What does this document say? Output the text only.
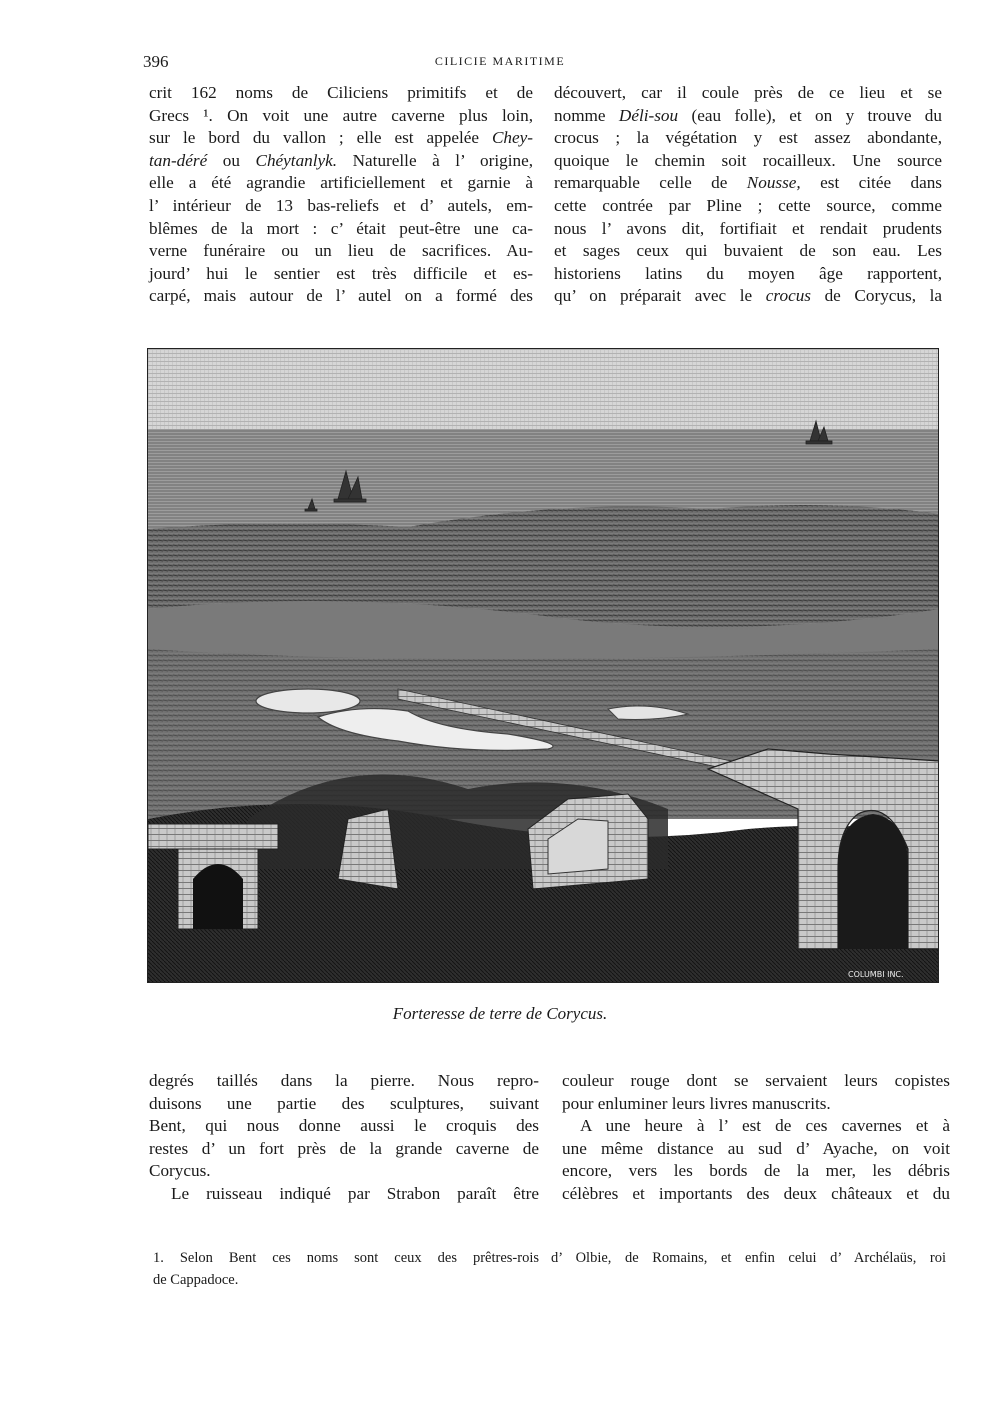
396	CILICIE MARITIME
crit 162 noms de Ciliciens primitifs et de
Grecs ¹. On voit une autre caverne plus loin,
sur le bord du vallon ; elle est appelée Chey-
tan-déré ou Chéytanlyk. Naturelle à l’ origine,
elle a été agrandie artificiellement et garnie à
l’ intérieur de 13 bas-reliefs et d’ autels, em-
blêmes de la mort : c’ était peut-être une ca-
verne funéraire ou un lieu de sacrifices. Au-
jourd’ hui le sentier est très difficile et es-
carpé, mais autour de l’ autel on a formé des
découvert, car il coule près de ce lieu et se
nomme Déli-sou (eau folle), et on y trouve du
crocus ; la végétation y est assez abondante,
quoique le chemin soit rocailleux. Une source
remarquable celle de Nousse, est citée dans
cette contrée par Pline ; cette source, comme
nous l’ avons dit, fortifiait et rendait prudents
et sages ceux qui buvaient de son eau. Les
historiens latins du moyen âge rapportent,
qu’ on préparait avec le crocus de Corycus, la
COLUMBI INC.
Forteresse de terre de Corycus.
degrés taillés dans la pierre. Nous repro-
duisons une partie des sculptures, suivant
Bent, qui nous donne aussi le croquis des
restes d’ un fort près de la grande caverne de
Corycus.
Le ruisseau indiqué par Strabon paraît être
couleur rouge dont se servaient leurs copistes
pour enluminer leurs livres manuscrits.
A une heure à l’ est de ces cavernes et à
une même distance au sud d’ Ayache, on voit
encore, vers les bords de la mer, les débris
célèbres et importants des deux châteaux et du
1. Selon Bent ces noms sont ceux des prêtres-rois
de Cappadoce.
d’ Olbie, de Romains, et enfin celui d’ Archélaüs, roi
